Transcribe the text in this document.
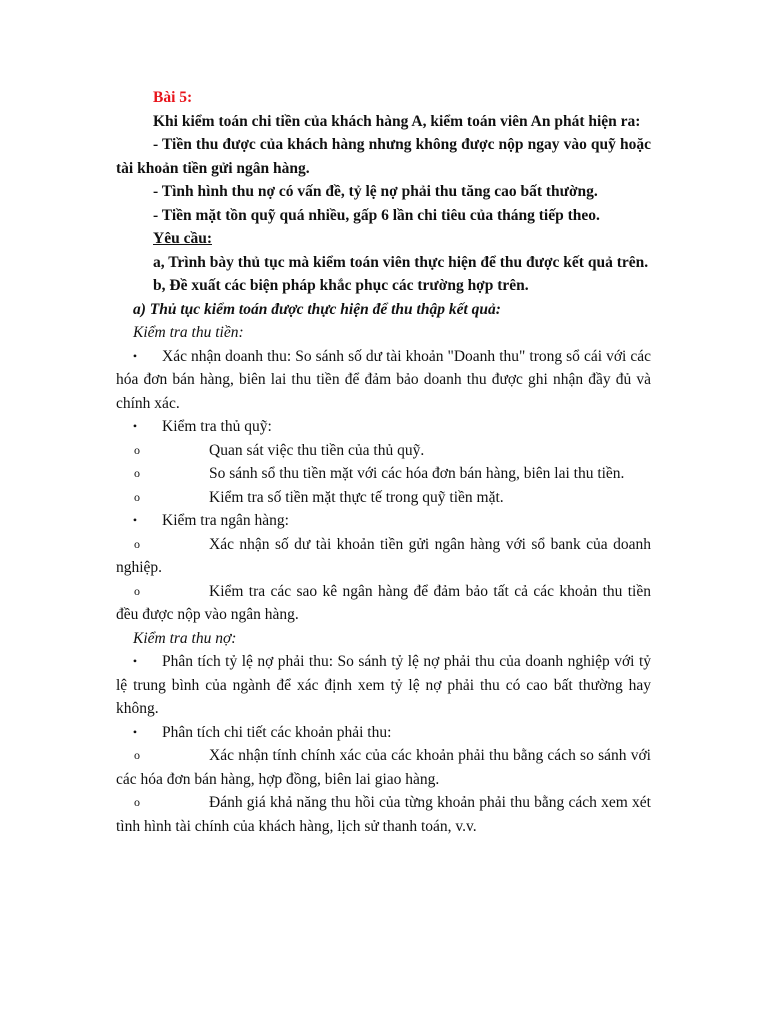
Bài 5:

Khi kiểm toán chi tiền của khách hàng A, kiểm toán viên An phát hiện ra:

- Tiền thu được của khách hàng nhưng không được nộp ngay vào quỹ hoặc tài khoản tiền gửi ngân hàng.

- Tình hình thu nợ có vấn đề, tỷ lệ nợ phải thu tăng cao bất thường.

- Tiền mặt tồn quỹ quá nhiều, gấp 6 lần chi tiêu của tháng tiếp theo.

Yêu cầu:

a, Trình bày thủ tục mà kiểm toán viên thực hiện để thu được kết quả trên.

b, Đề xuất các biện pháp khắc phục các trường hợp trên.

a) Thủ tục kiểm toán được thực hiện để thu thập kết quả:

Kiểm tra thu tiền:

•	Xác nhận doanh thu: So sánh số dư tài khoản "Doanh thu" trong sổ cái với các hóa đơn bán hàng, biên lai thu tiền để đảm bảo doanh thu được ghi nhận đầy đủ và chính xác.
•	Kiểm tra thủ quỹ:
o	Quan sát việc thu tiền của thủ quỹ.
o	So sánh sổ thu tiền mặt với các hóa đơn bán hàng, biên lai thu tiền.
o	Kiểm tra số tiền mặt thực tế trong quỹ tiền mặt.
•	Kiểm tra ngân hàng:
o	Xác nhận số dư tài khoản tiền gửi ngân hàng với sổ bank của doanh nghiệp.
o	Kiểm tra các sao kê ngân hàng để đảm bảo tất cả các khoản thu tiền đều được nộp vào ngân hàng.

Kiểm tra thu nợ:

•	Phân tích tỷ lệ nợ phải thu: So sánh tỷ lệ nợ phải thu của doanh nghiệp với tỷ lệ trung bình của ngành để xác định xem tỷ lệ nợ phải thu có cao bất thường hay không.
•	Phân tích chi tiết các khoản phải thu:
o	Xác nhận tính chính xác của các khoản phải thu bằng cách so sánh với các hóa đơn bán hàng, hợp đồng, biên lai giao hàng.
o	Đánh giá khả năng thu hồi của từng khoản phải thu bằng cách xem xét tình hình tài chính của khách hàng, lịch sử thanh toán, v.v.
